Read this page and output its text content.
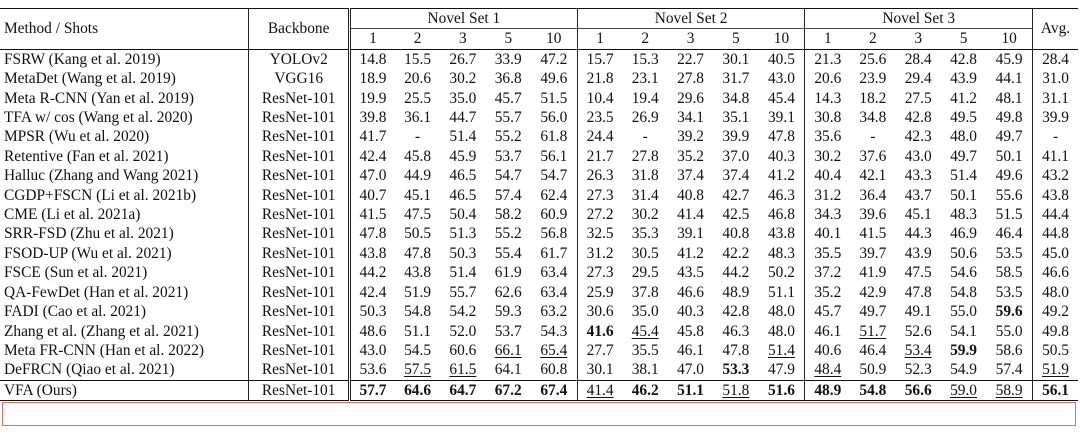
Method / Shots	Backbone	Novel Set 1					Novel Set 2					Novel Set 3					Avg.
		1	2	3	5	10	1	2	3	5	10	1	2	3	5	10	
FSRW (Kang et al. 2019)	YOLOv2	14.8	15.5	26.7	33.9	47.2	15.7	15.3	22.7	30.1	40.5	21.3	25.6	28.4	42.8	45.9	28.4
MetaDet (Wang et al. 2019)	VGG16	18.9	20.6	30.2	36.8	49.6	21.8	23.1	27.8	31.7	43.0	20.6	23.9	29.4	43.9	44.1	31.0
Meta R-CNN (Yan et al. 2019)	ResNet-101	19.9	25.5	35.0	45.7	51.5	10.4	19.4	29.6	34.8	45.4	14.3	18.2	27.5	41.2	48.1	31.1
TFA w/ cos (Wang et al. 2020)	ResNet-101	39.8	36.1	44.7	55.7	56.0	23.5	26.9	34.1	35.1	39.1	30.8	34.8	42.8	49.5	49.8	39.9
MPSR (Wu et al. 2020)	ResNet-101	41.7	-	51.4	55.2	61.8	24.4	-	39.2	39.9	47.8	35.6	-	42.3	48.0	49.7	-
Retentive (Fan et al. 2021)	ResNet-101	42.4	45.8	45.9	53.7	56.1	21.7	27.8	35.2	37.0	40.3	30.2	37.6	43.0	49.7	50.1	41.1
Halluc (Zhang and Wang 2021)	ResNet-101	47.0	44.9	46.5	54.7	54.7	26.3	31.8	37.4	37.4	41.2	40.4	42.1	43.3	51.4	49.6	43.2
CGDP+FSCN (Li et al. 2021b)	ResNet-101	40.7	45.1	46.5	57.4	62.4	27.3	31.4	40.8	42.7	46.3	31.2	36.4	43.7	50.1	55.6	43.8
CME (Li et al. 2021a)	ResNet-101	41.5	47.5	50.4	58.2	60.9	27.2	30.2	41.4	42.5	46.8	34.3	39.6	45.1	48.3	51.5	44.4
SRR-FSD (Zhu et al. 2021)	ResNet-101	47.8	50.5	51.3	55.2	56.8	32.5	35.3	39.1	40.8	43.8	40.1	41.5	44.3	46.9	46.4	44.8
FSOD-UP (Wu et al. 2021)	ResNet-101	43.8	47.8	50.3	55.4	61.7	31.2	30.5	41.2	42.2	48.3	35.5	39.7	43.9	50.6	53.5	45.0
FSCE (Sun et al. 2021)	ResNet-101	44.2	43.8	51.4	61.9	63.4	27.3	29.5	43.5	44.2	50.2	37.2	41.9	47.5	54.6	58.5	46.6
QA-FewDet (Han et al. 2021)	ResNet-101	42.4	51.9	55.7	62.6	63.4	25.9	37.8	46.6	48.9	51.1	35.2	42.9	47.8	54.8	53.5	48.0
FADI (Cao et al. 2021)	ResNet-101	50.3	54.8	54.2	59.3	63.2	30.6	35.0	40.3	42.8	48.0	45.7	49.7	49.1	55.0	59.6	49.2
Zhang et al. (Zhang et al. 2021)	ResNet-101	48.6	51.1	52.0	53.7	54.3	41.6	45.4	45.8	46.3	48.0	46.1	51.7	52.6	54.1	55.0	49.8
Meta FR-CNN (Han et al. 2022)	ResNet-101	43.0	54.5	60.6	66.1	65.4	27.7	35.5	46.1	47.8	51.4	40.6	46.4	53.4	59.9	58.6	50.5
DeFRCN (Qiao et al. 2021)	ResNet-101	53.6	57.5	61.5	64.1	60.8	30.1	38.1	47.0	53.3	47.9	48.4	50.9	52.3	54.9	57.4	51.9
VFA (Ours)	ResNet-101	57.7	64.6	64.7	67.2	67.4	41.4	46.2	51.1	51.8	51.6	48.9	54.8	56.6	59.0	58.9	56.1
